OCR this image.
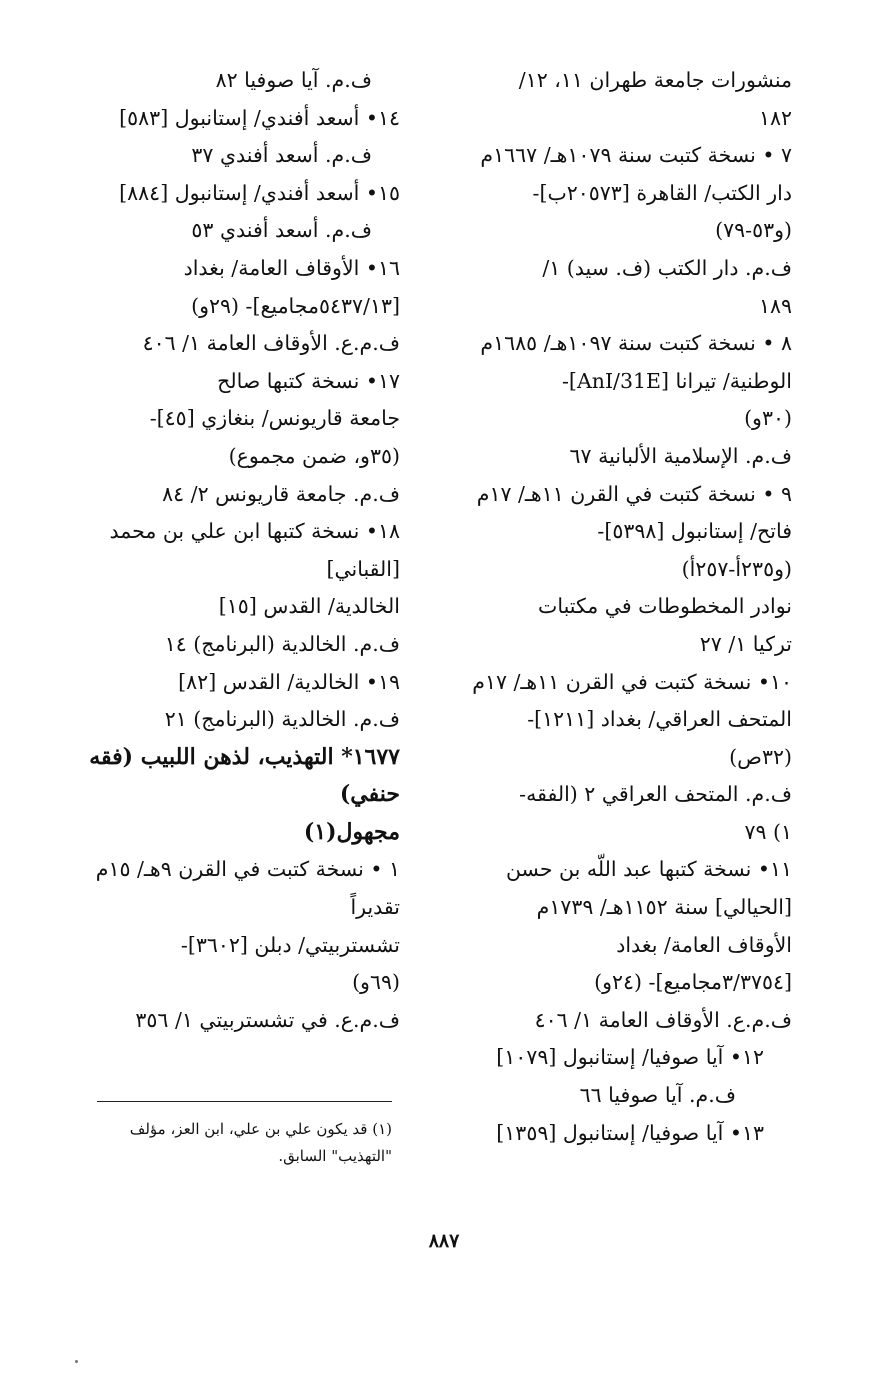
منشورات جامعة طهران ١١، ١٢/
١٨٢
٧ • نسخة كتبت سنة ١٠٧٩هـ/ ١٦٦٧م
دار الكتب/ القاهرة [٢٠٥٧٣ب]-
(و٥٣-٧٩)
ف.م. دار الكتب (ف. سيد) ١/
١٨٩
٨ • نسخة كتبت سنة ١٠٩٧هـ/ ١٦٨٥م
الوطنية/ تيرانا [AnI/31E]-
(٣٠و)
ف.م. الإسلامية الألبانية ٦٧
٩ • نسخة كتبت في القرن ١١هـ/ ١٧م
فاتح/ إستانبول [٥٣٩٨]-
(و٢٣٥أ-٢٥٧أ)
نوادر المخطوطات في مكتبات
تركيا ١/ ٢٧
١٠• نسخة كتبت في القرن ١١هـ/ ١٧م
المتحف العراقي/ بغداد [١٢١١]-
(٣٢ص)
ف.م. المتحف العراقي ٢ (الفقه-
١) ٧٩
١١• نسخة كتبها عبد اللّه بن حسن
[الحيالي] سنة ١١٥٢هـ/ ١٧٣٩م
الأوقاف العامة/ بغداد
[٣/٣٧٥٤مجاميع]- (٢٤و)
ف.م.ع. الأوقاف العامة ١/ ٤٠٦
١٢• آيا صوفيا/ إستانبول [١٠٧٩]
ف.م. آيا صوفيا ٦٦
١٣• آيا صوفيا/ إستانبول [١٣٥٩]
ف.م. آيا صوفيا ٨٢
١٤• أسعد أفندي/ إستانبول [٥٨٣]
ف.م. أسعد أفندي ٣٧
١٥• أسعد أفندي/ إستانبول [٨٨٤]
ف.م. أسعد أفندي ٥٣
١٦• الأوقاف العامة/ بغداد
[٥٤٣٧/١٣مجاميع]- (٢٩و)
ف.م.ع. الأوقاف العامة ١/ ٤٠٦
١٧• نسخة كتبها صالح
جامعة قاريونس/ بنغازي [٤٥]-
(٣٥و، ضمن مجموع)
ف.م. جامعة قاريونس ٢/ ٨٤
١٨• نسخة كتبها ابن علي بن محمد
[القباني]
الخالدية/ القدس [١٥]
ف.م. الخالدية (البرنامج) ١٤
١٩• الخالدية/ القدس [٨٢]
ف.م. الخالدية (البرنامج) ٢١
١٦٧٧* التهذيب، لذهن اللبيب (فقه
حنفي)
مجهول(١)
١ • نسخة كتبت في القرن ٩هـ/ ١٥م
تقديراً
تشستربيتي/ دبلن [٣٦٠٢]-
(٦٩و)
ف.م.ع. في تشستربيتي ١/ ٣٥٦
(١) قد يكون علي بن علي، ابن العز، مؤلف
"التهذيب" السابق.
٨٨٧
